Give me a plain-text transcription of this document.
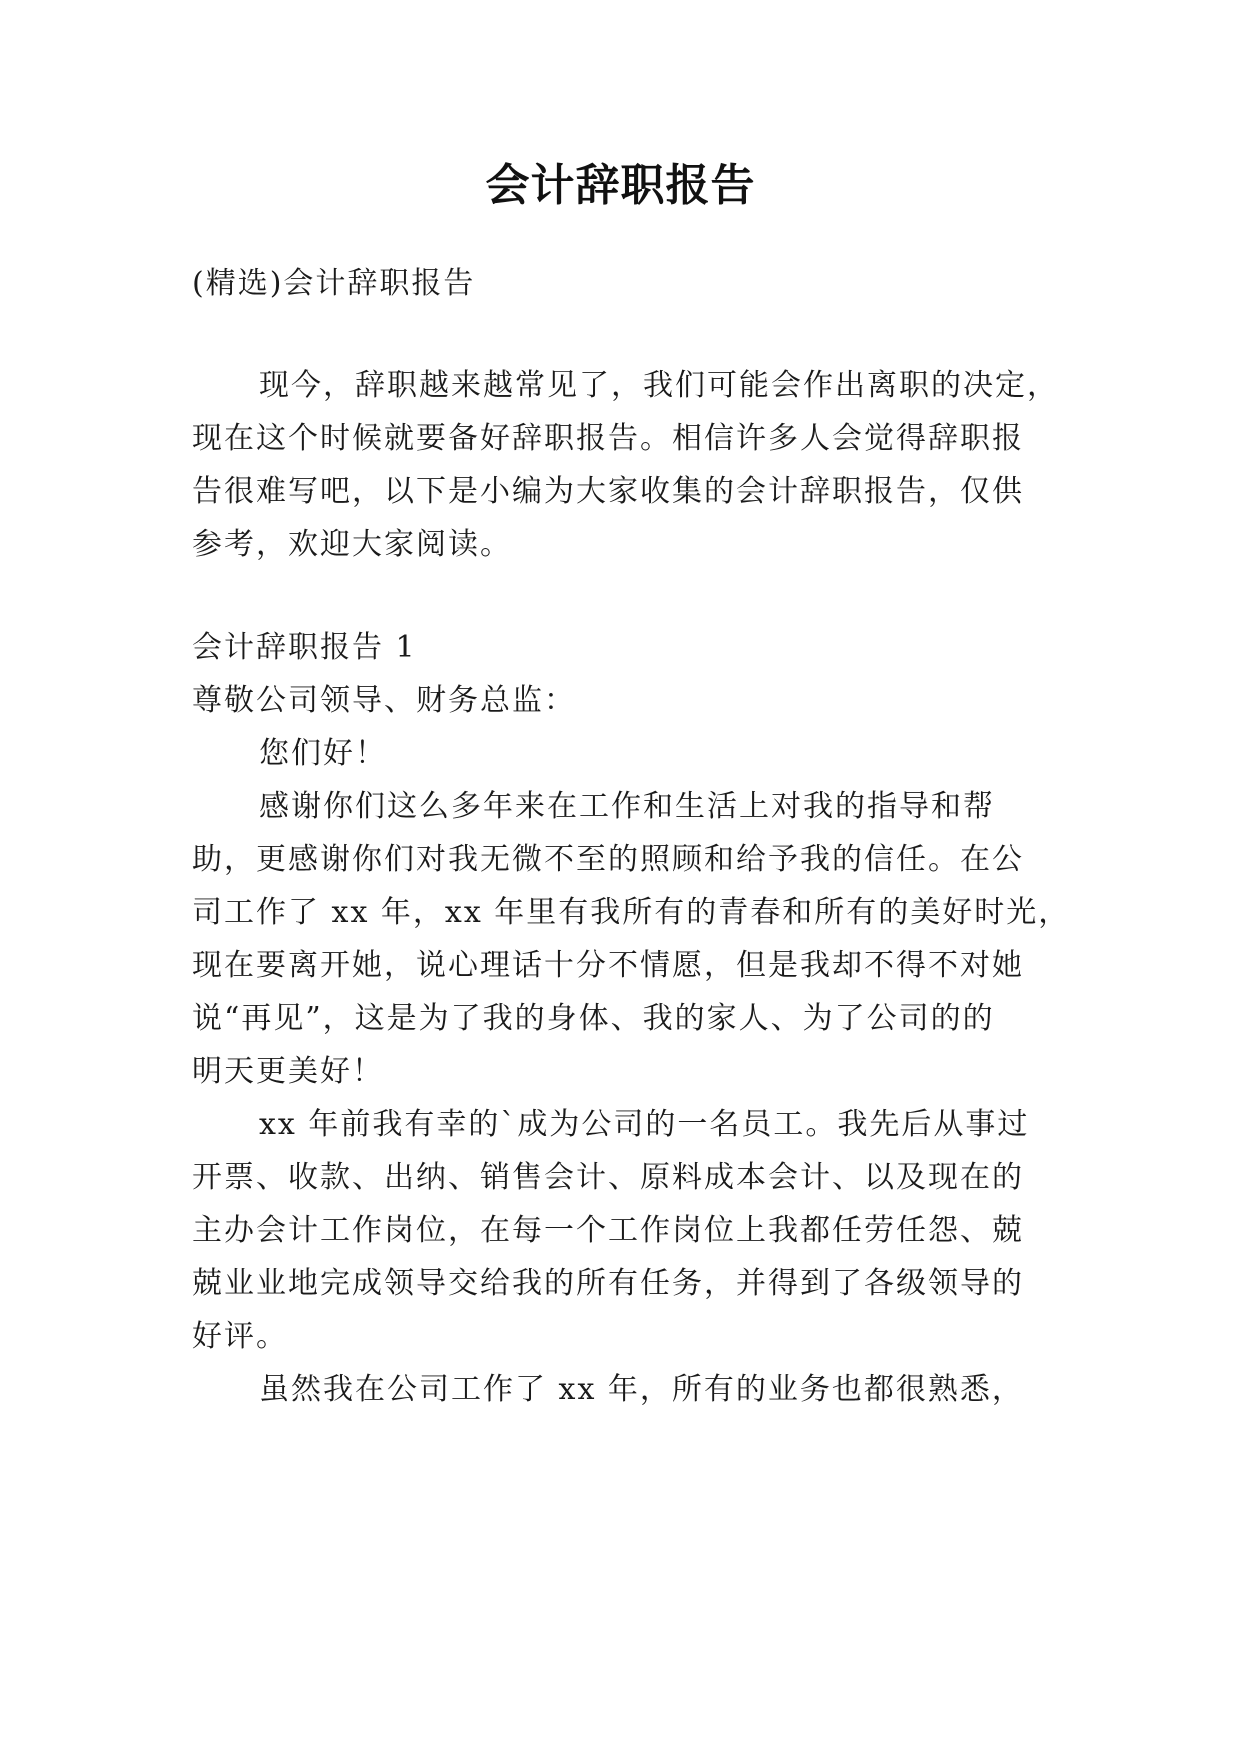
会计辞职报告
(精选)会计辞职报告
现今，辞职越来越常见了，我们可能会作出离职的决定，
现在这个时候就要备好辞职报告。相信许多人会觉得辞职报
告很难写吧，以下是小编为大家收集的会计辞职报告，仅供
参考，欢迎大家阅读。
会计辞职报告 1
尊敬公司领导、财务总监：
您们好！
感谢你们这么多年来在工作和生活上对我的指导和帮
助，更感谢你们对我无微不至的照顾和给予我的信任。在公
司工作了 xx 年，xx 年里有我所有的青春和所有的美好时光，
现在要离开她，说心理话十分不情愿，但是我却不得不对她
说“再见”，这是为了我的身体、我的家人、为了公司的的
明天更美好！
xx 年前我有幸的`成为公司的一名员工。我先后从事过
开票、收款、出纳、销售会计、原料成本会计、以及现在的
主办会计工作岗位，在每一个工作岗位上我都任劳任怨、兢
兢业业地完成领导交给我的所有任务，并得到了各级领导的
好评。
虽然我在公司工作了 xx 年，所有的业务也都很熟悉，
